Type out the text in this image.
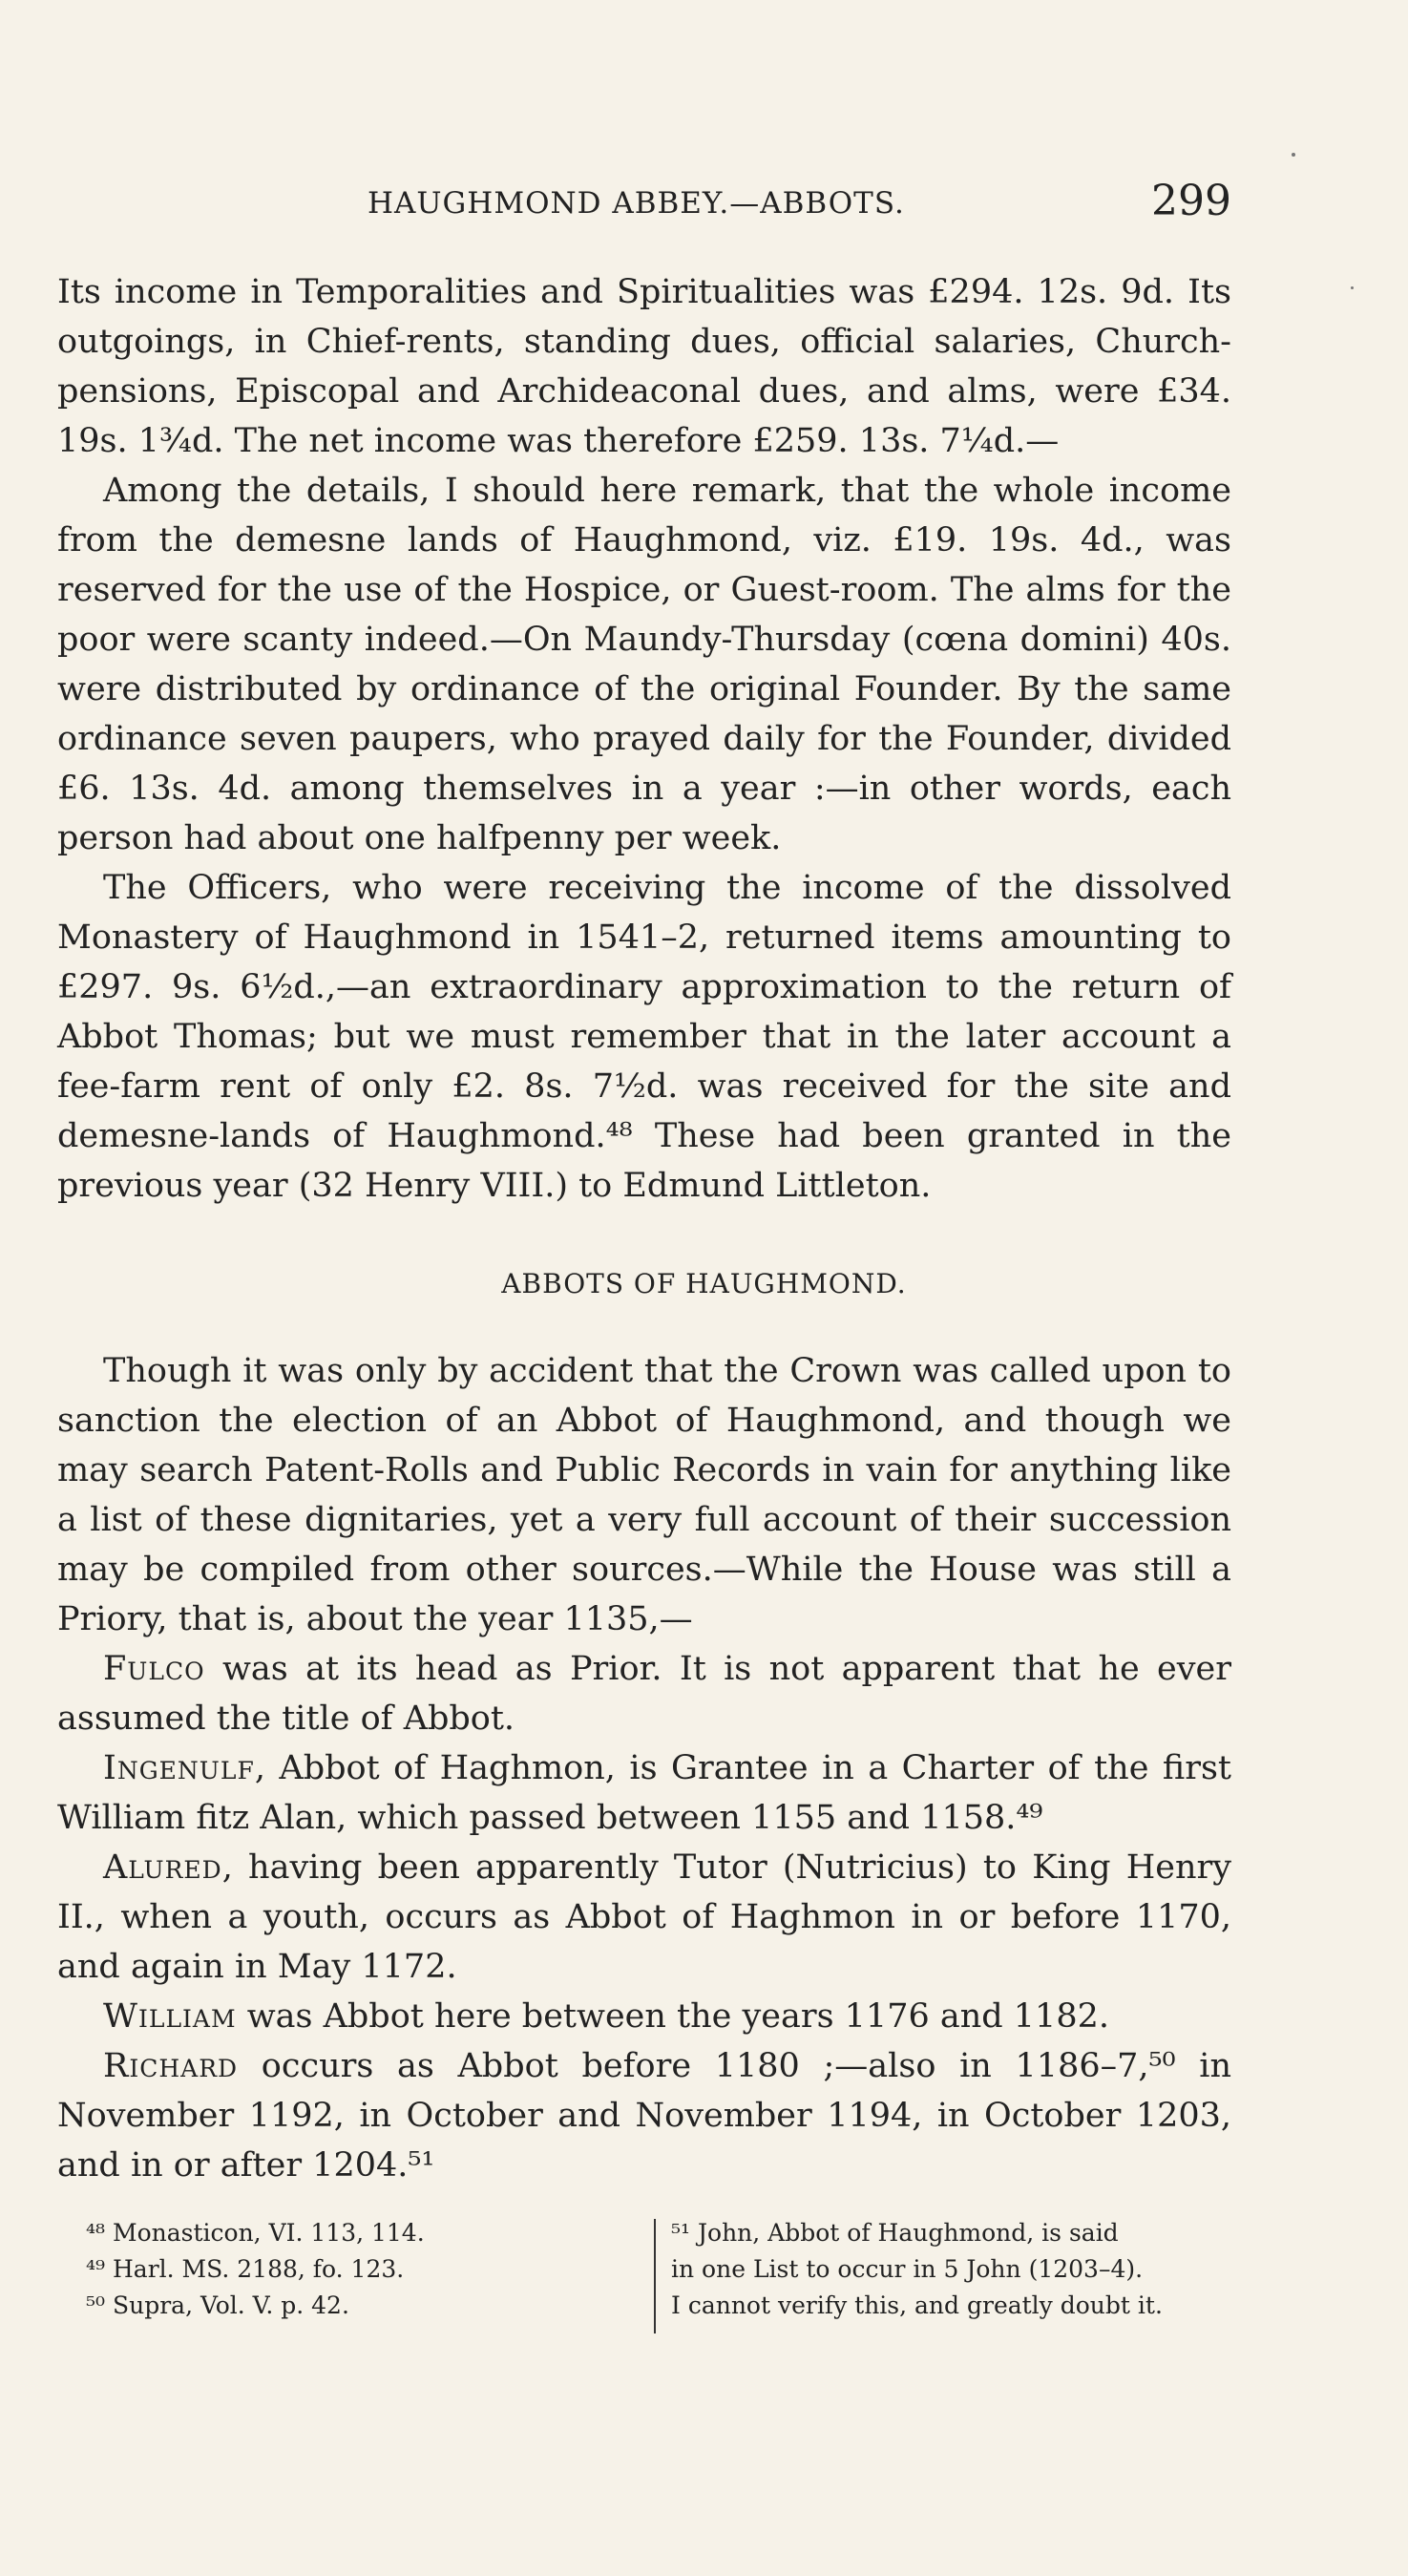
HAUGHMOND ABBEY.—ABBOTS.	299

Its income in Temporalities and Spiritualities was £294. 12s. 9d. Its outgoings, in Chief-rents, standing dues, official salaries, Church-pensions, Episcopal and Archideaconal dues, and alms, were £34. 19s. 1¾d. The net income was therefore £259. 13s. 7¼d.—

Among the details, I should here remark, that the whole income from the demesne lands of Haughmond, viz. £19. 19s. 4d., was reserved for the use of the Hospice, or Guest-room. The alms for the poor were scanty indeed.—On Maundy-Thursday (cœna domini) 40s. were distributed by ordinance of the original Founder. By the same ordinance seven paupers, who prayed daily for the Founder, divided £6. 13s. 4d. among themselves in a year :—in other words, each person had about one halfpenny per week.

The Officers, who were receiving the income of the dissolved Monastery of Haughmond in 1541–2, returned items amounting to £297. 9s. 6½d.,—an extraordinary approximation to the return of Abbot Thomas; but we must remember that in the later account a fee-farm rent of only £2. 8s. 7½d. was received for the site and demesne-lands of Haughmond.⁴⁸ These had been granted in the previous year (32 Henry VIII.) to Edmund Littleton.

ABBOTS OF HAUGHMOND.

Though it was only by accident that the Crown was called upon to sanction the election of an Abbot of Haughmond, and though we may search Patent-Rolls and Public Records in vain for anything like a list of these dignitaries, yet a very full account of their succession may be compiled from other sources.—While the House was still a Priory, that is, about the year 1135,—

Fulco was at its head as Prior. It is not apparent that he ever assumed the title of Abbot.

Ingenulf, Abbot of Haghmon, is Grantee in a Charter of the first William fitz Alan, which passed between 1155 and 1158.⁴⁹

Alured, having been apparently Tutor (Nutricius) to King Henry II., when a youth, occurs as Abbot of Haghmon in or before 1170, and again in May 1172.

William was Abbot here between the years 1176 and 1182.

Richard occurs as Abbot before 1180 ;—also in 1186–7,⁵⁰ in November 1192, in October and November 1194, in October 1203, and in or after 1204.⁵¹

⁴⁸ Monasticon, VI. 113, 114.
⁴⁹ Harl. MS. 2188, fo. 123.
⁵⁰ Supra, Vol. V. p. 42.
⁵¹ John, Abbot of Haughmond, is said
in one List to occur in 5 John (1203–4).
I cannot verify this, and greatly doubt it.
